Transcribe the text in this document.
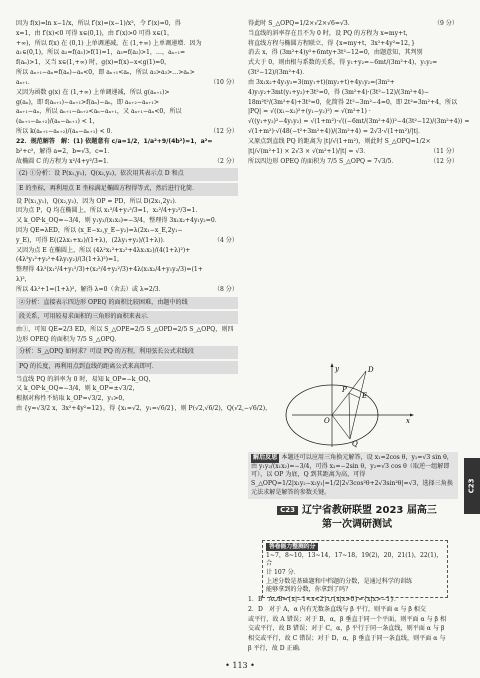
因为 f(x)=ln x−1/x，所以 f′(x)=(x−1)/x²，令 f′(x)=0，得
x=1，由 f′(x)<0 可得 x∈(0,1)，由 f′(x)>0 可得 x∈(1，
+∞)，所以 f(x) 在 (0,1) 上单调递减，在 (1,+∞) 上单调递增．因为
a₁∈(0,1)，所以 a₂=f(a₁)>f(1)=1，a₃=f(a₂)>1，…，aₙ₊₁=
f(aₙ)>1，又当 x∈(1,+∞) 时，g(x)=f(x)−x<g(1)=0，
所以 aₙ₊₁−aₙ=f(aₙ)−aₙ<0，即 aₙ₊₁<aₙ，所以 a₂>a₃>…>aₙ>
（10 分）
aₙ₊₁．
又因为函数 g(x) 在 (1,+∞) 上单调递减，所以 g(aₙ₊₁)>
g(aₙ)，即 f(aₙ₊₁)−aₙ₊₁>f(aₙ)−aₙ，即 aₙ₊₂−aₙ₊₁>
aₙ₊₁−aₙ，所以 aₙ₊₁−aₙ₊₂<aₙ−aₙ₊₁，又 aₙ₊₁−aₙ<0，所以
(aₙ₊₁−aₙ₊₂)/(aₙ−aₙ₊₁) < 1，
（12 分）
所以 k(aₙ₊₁−aₙ₊₂)/(aₙ−aₙ₊₁) < 0．
22．规范解答　解：(1) 依题意有 c/a=1/2，1/a²+9/(4b²)=1，a²=
b²+c²，解得 a=2，b=√3，c=1．
（2 分）
故椭圆 C 的方程为 x²/4+y²/3=1．
(2) ①分析：设 P(x₁,y₁)，Q(x₂,y₂)，依次用其表示点 D 和点
E 的坐标，再利用点 E 坐标满足椭圆方程得等式，然后进行化简．
设 P(x₁,y₁)，Q(x₂,y₂)，因为 OP = PD，所以 D(2x₁,2y₁)．
因为点 P，Q 均在椭圆上，所以 x₁²/4+y₁²/3=1，x₂²/4+y₂²/3=1．
又 k_OP·k_OQ=−3/4，则 y₁y₂/(x₁x₂)=−3/4，整理得 3x₁x₂+4y₁y₂=0．
因为 QE=λED，所以 (x_E−x₂,y_E−y₂)=λ(2x₁−x_E,2y₁−
（4 分）
y_E)，可得 E((2λx₁+x₂)/(1+λ)，(2λy₁+y₂)/(1+λ))．
又因为点 E 在椭圆上，所以 (4λ²x₁²+x₂²+4λx₁x₂)/(4(1+λ)²)+
(4λ²y₁²+y₂²+4λy₁y₂)/(3(1+λ)²)=1，
整理得 4λ²(x₁²/4+y₁²/3)+(x₂²/4+y₂²/3)+4λ(x₁x₂/4+y₁y₂/3)=(1+
λ)²，
（8 分）
所以 4λ²+1=(1+λ)²，解得 λ=0（舍去）或 λ=2/3．
②分析：直接表示四边形 OPEQ 的面积比较困难，由题中的线
段关系，可用较易求面积的三角形的面积来表示．
由①，可知 QE=2/3 ED，所以 S_△OPE=2/5 S_△OPD=2/5 S_△OPQ，则四
边形 OPEQ 的面积为 7/5 S_△OPQ．
分析：S_△OPQ 如何求？可设 PQ 的方程，利用弦长公式求线段
PQ 的长度，再利用点到直线的距离公式来高即可．
当直线 PQ 的斜率为 0 时，易知 k_OP=−k_OQ，
又 k_OP·k_OQ=−3/4，则 k_OP=±√3/2，
根据对称性不妨取 k_OP=√3/2，y₁>0，
由 {y=√3/2 x，3x²+4y²=12}，得 {x₁=√2，y₁=√6/2}，则 P(√2,√6/2)，Q(√2,−√6/2)，
（9 分）
得此时 S_△OPQ=1/2×√2×√6=√3．
当直线的斜率存在且不为 0 时，设 PQ 的方程为 x=my+t，
将直线方程与椭圆方程联立，得 {x=my+t，3x²+4y²=12，}
消去 x，得 (3m²+4)y²+6mty+3t²−12=0，由题意知，其判别
式大于 0，则由根与系数的关系，得 y₁+y₂=−6mt/(3m²+4)，y₁y₂=
(3t²−12)/(3m²+4)．
由 3x₁x₂+4y₁y₂=3(my₁+t)(my₂+t)+4y₁y₂=(3m²+
4)y₁y₂+3mt(y₁+y₂)+3t²=0，得 (3m²+4)·(3t²−12)/(3m²+4)−
18m²t²/(3m²+4)+3t²=0，化简得 2t²−3m²−4=0，即 2t²=3m²+4，所以
|PQ| = √((x₁−x₂)²+(y₁−y₂)²) = √(m²+1) ·
√((y₁+y₂)²−4y₁y₂) = √(1+m²)·√((−6mt/(3m²+4))²−4(3t²−12)/(3m²+4)) =
√(1+m²)·√(48(−t²+3m²+4))/(3m²+4) = 2√3·√(1+m²)/|t|．
又原点到直线 PQ 的距离为 |t|/√(1+m²)，则此时 S_△OPQ=1/2×
（11 分）
|t|/√(m²+1) × 2√3 × √(m²+1)/|t| = √3．
（12 分）
所以四边形 OPEQ 的面积为 7/5 S_△OPQ = 7√3/5．
y
x
O
P
Q
D
E
解后反思 本题还可以应用三角换元解答，设 x₁=2cos θ，y₁=√3 sin θ，由 y₁y₂/(x₁x₂)=−3/4，可得 x₂=−2sin θ，y₂=√3 cos θ（取逆一组解即可），以 OP 为底，Q 到其距离为高，可得 S_△OPQ=1/2|x₁y₂−x₂y₁|=1/2|2√3cos²θ+2√3sin²θ|=√3，选择三角换元法求解是解答的参数关键。
C23 辽宁省教研联盟 2023 届高三
第一次调研测试
答卷能力整测的分
1~7，8~10，13~14，17~18，19(2)，20，21(1)，22(1)，合
计 107 分．
上述分数是基础题和中档题的分数，是通过科学的训练
能够拿到的分数，你拿到了吗？
1．B　A∪B={x|−1<x<2}∪{x|x>0}={x|x>−1}．
2．D　对于 A，α 内有无数条直线与 β 平行，则平面 α 与 β 相交
或平行，故 A 错误；对于 B，α，β 垂直于同一个平面，则平面 α 与 β 相
交或平行，故 B 错误；对于 C，α，β 平行于同一条直线，则平面 α 与 β
相交或平行，故 C 错误；对于 D，α，β 垂直于同一条直线，则平面 α 与
β 平行，故 D 正确．
C23
• 113 •
